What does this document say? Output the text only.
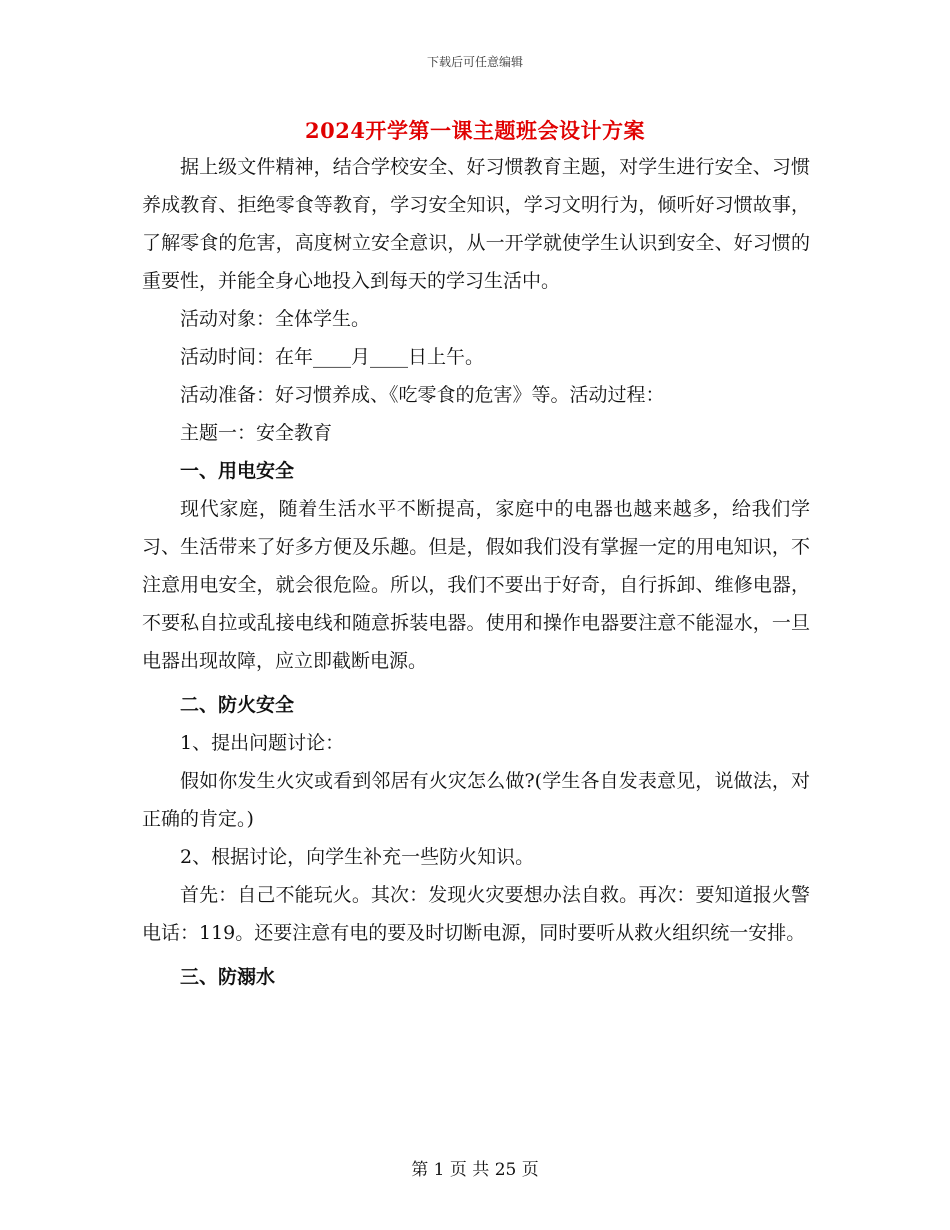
下载后可任意编辑
2024开学第一课主题班会设计方案

据上级文件精神，结合学校安全、好习惯教育主题，对学生进行安全、习惯养成教育、拒绝零食等教育，学习安全知识，学习文明行为，倾听好习惯故事，了解零食的危害，高度树立安全意识，从一开学就使学生认识到安全、好习惯的重要性，并能全身心地投入到每天的学习生活中。

活动对象：全体学生。

活动时间：在年____月____日上午。

活动准备：好习惯养成、《吃零食的危害》等。活动过程：

主题一：安全教育

一、用电安全

现代家庭，随着生活水平不断提高，家庭中的电器也越来越多，给我们学习、生活带来了好多方便及乐趣。但是，假如我们没有掌握一定的用电知识，不注意用电安全，就会很危险。所以，我们不要出于好奇，自行拆卸、维修电器，不要私自拉或乱接电线和随意拆装电器。使用和操作电器要注意不能湿水，一旦电器出现故障，应立即截断电源。

二、防火安全

1、提出问题讨论：

假如你发生火灾或看到邻居有火灾怎么做?(学生各自发表意见，说做法，对正确的肯定。)

2、根据讨论，向学生补充一些防火知识。

首先：自己不能玩火。其次：发现火灾要想办法自救。再次：要知道报火警电话：119。还要注意有电的要及时切断电源，同时要听从救火组织统一安排。

三、防溺水

第 1 页 共 25 页
